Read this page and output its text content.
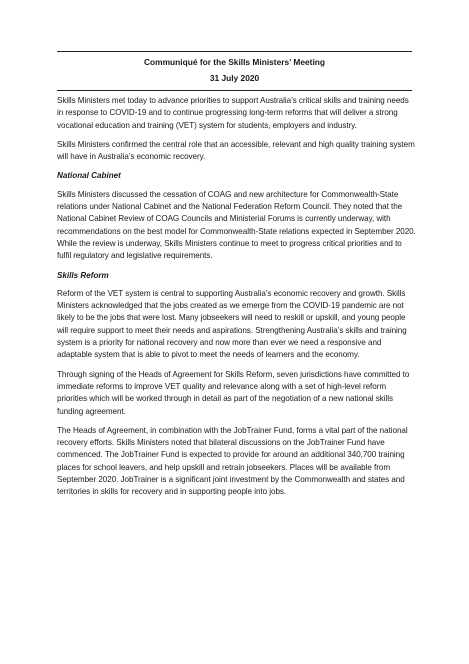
Communiqué for the Skills Ministers’ Meeting

31 July 2020

Skills Ministers met today to advance priorities to support Australia’s critical skills and training needs in response to COVID-19 and to continue progressing long-term reforms that will deliver a strong vocational education and training (VET) system for students, employers and industry.

Skills Ministers confirmed the central role that an accessible, relevant and high quality training system will have in Australia’s economic recovery.

National Cabinet

Skills Ministers discussed the cessation of COAG and new architecture for Commonwealth-State relations under National Cabinet and the National Federation Reform Council. They noted that the National Cabinet Review of COAG Councils and Ministerial Forums is currently underway, with recommendations on the best model for Commonwealth-State relations expected in September 2020. While the review is underway, Skills Ministers continue to meet to progress critical priorities and to fulfil regulatory and legislative requirements.

Skills Reform

Reform of the VET system is central to supporting Australia’s economic recovery and growth. Skills Ministers acknowledged that the jobs created as we emerge from the COVID-19 pandemic are not likely to be the jobs that were lost. Many jobseekers will need to reskill or upskill, and young people will require support to meet their needs and aspirations. Strengthening Australia’s skills and training system is a priority for national recovery and now more than ever we need a responsive and adaptable system that is able to pivot to meet the needs of learners and the economy.

Through signing of the Heads of Agreement for Skills Reform, seven jurisdictions have committed to immediate reforms to improve VET quality and relevance along with a set of high-level reform priorities which will be worked through in detail as part of the negotiation of a new national skills funding agreement.

The Heads of Agreement, in combination with the JobTrainer Fund, forms a vital part of the national recovery efforts. Skills Ministers noted that bilateral discussions on the JobTrainer Fund have commenced. The JobTrainer Fund is expected to provide for around an additional 340,700 training places for school leavers, and help upskill and retrain jobseekers. Places will be available from September 2020. JobTrainer is a significant joint investment by the Commonwealth and states and territories in skills for recovery and in supporting people into jobs.
